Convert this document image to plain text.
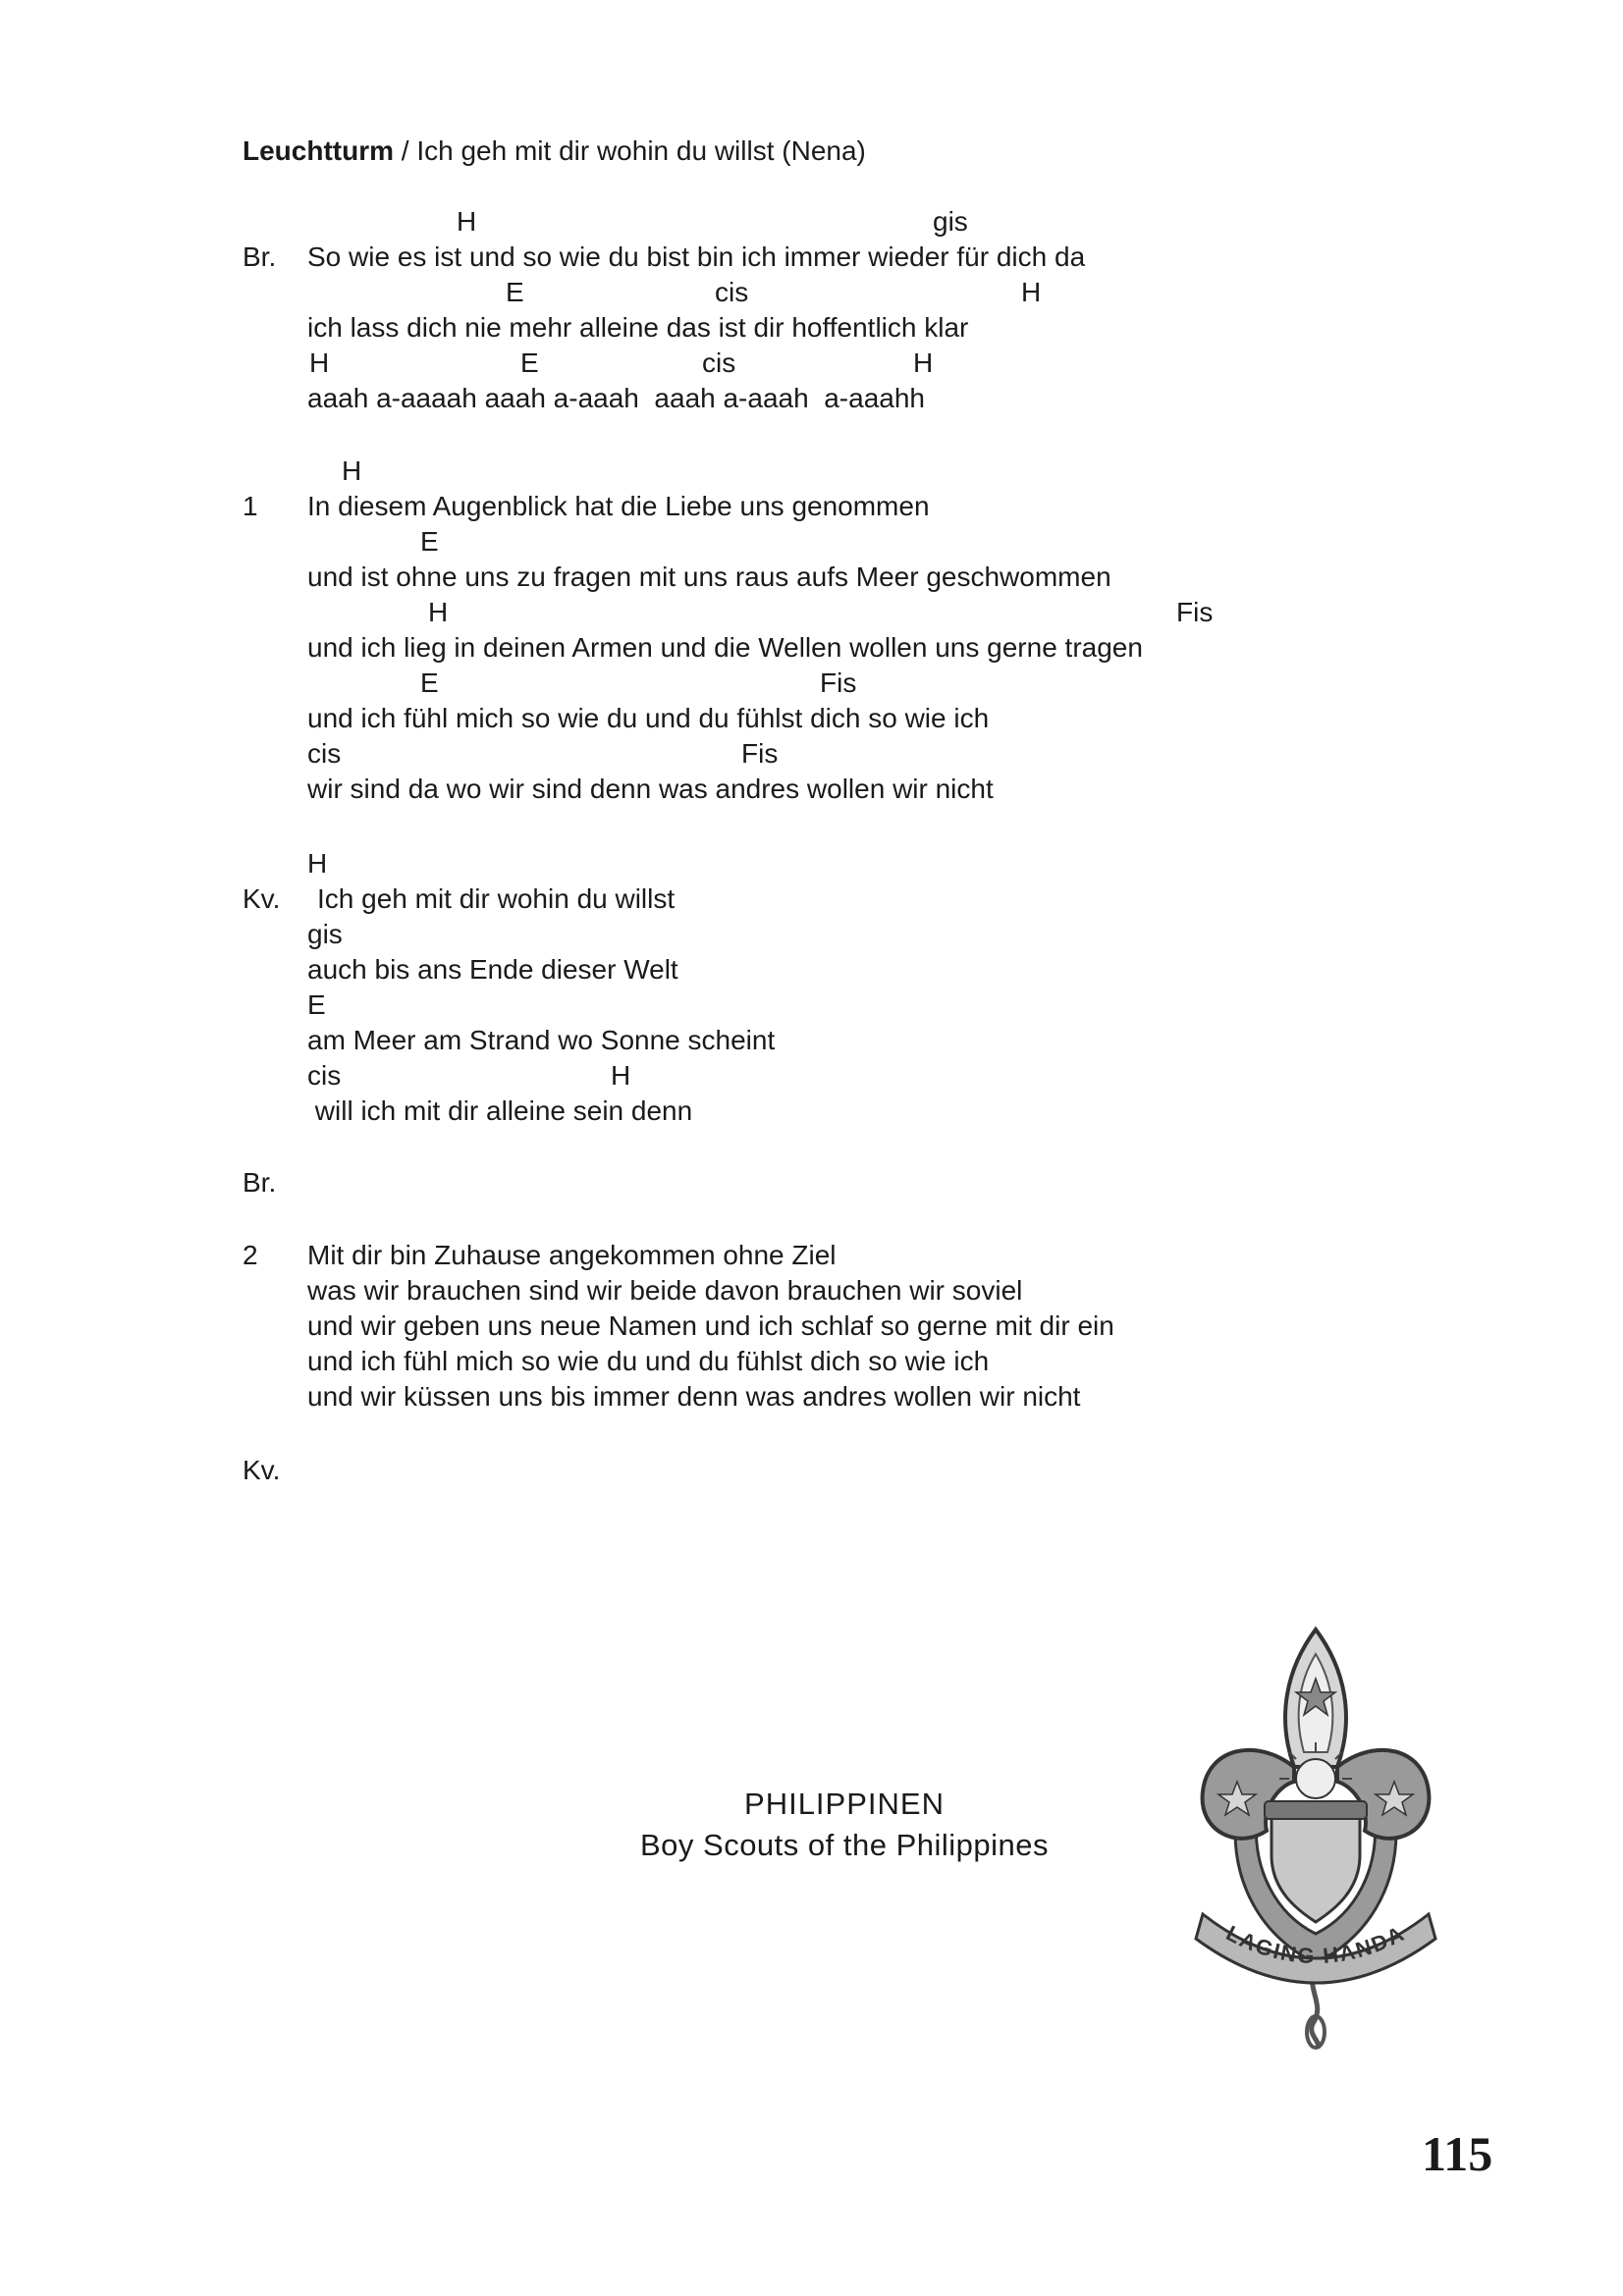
Leuchtturm / Ich geh mit dir wohin du willst (Nena)
H	gis
Br. So wie es ist und so wie du bist bin ich immer wieder für dich da
E	cis	H
ich lass dich nie mehr alleine das ist dir hoffentlich klar
H	E	cis	H
aaah a-aaaah aaah a-aaah  aaah a-aaah  a-aaahh
H
1 In diesem Augenblick hat die Liebe uns genommen
E
und ist ohne uns zu fragen mit uns raus aufs Meer geschwommen
H	Fis
und ich lieg in deinen Armen und die Wellen wollen uns gerne tragen
E	Fis
und ich fühl mich so wie du und du fühlst dich so wie ich
cis	Fis
wir sind da wo wir sind denn was andres wollen wir nicht
H
Kv. Ich geh mit dir wohin du willst
gis
auch bis ans Ende dieser Welt
E
am Meer am Strand wo Sonne scheint
cis	H
will ich mit dir alleine sein denn
Br.
2 Mit dir bin Zuhause angekommen ohne Ziel
was wir brauchen sind wir beide davon brauchen wir soviel
und wir geben uns neue Namen und ich schlaf so gerne mit dir ein
und ich fühl mich so wie du und du fühlst dich so wie ich
und wir küssen uns bis immer denn was andres wollen wir nicht
Kv.
PHILIPPINEN
Boy Scouts of the Philippines
LAGING HANDA
115
